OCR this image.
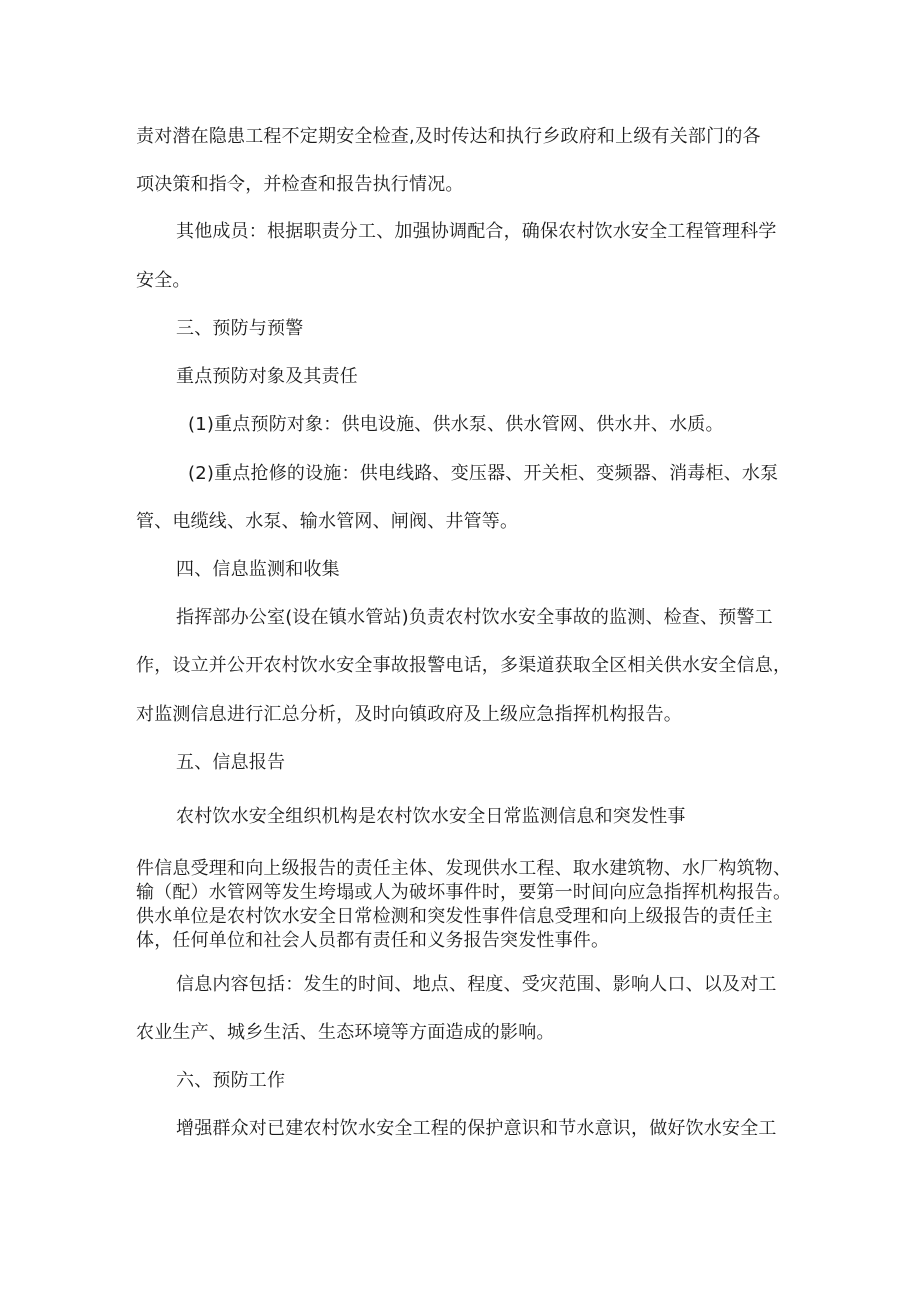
责对潜在隐患工程不定期安全检查,及时传达和执行乡政府和上级有关部门的各

项决策和指令，并检查和报告执行情况。

其他成员：根据职责分工、加强协调配合，确保农村饮水安全工程管理科学

安全。

三、预防与预警

重点预防对象及其责任

(1)重点预防对象：供电设施、供水泵、供水管网、供水井、水质。

(2)重点抢修的设施：供电线路、变压器、开关柜、变频器、消毒柜、水泵

管、电缆线、水泵、输水管网、闸阀、井管等。

四、信息监测和收集

指挥部办公室(设在镇水管站)负责农村饮水安全事故的监测、检查、预警工

作，设立并公开农村饮水安全事故报警电话，多渠道获取全区相关供水安全信息，

对监测信息进行汇总分析，及时向镇政府及上级应急指挥机构报告。

五、信息报告

农村饮水安全组织机构是农村饮水安全日常监测信息和突发性事

件信息受理和向上级报告的责任主体、发现供水工程、取水建筑物、水厂构筑物、

输（配）水管网等发生垮塌或人为破坏事件时，要第一时间向应急指挥机构报告。

供水单位是农村饮水安全日常检测和突发性事件信息受理和向上级报告的责任主

体，任何单位和社会人员都有责任和义务报告突发性事件。

信息内容包括：发生的时间、地点、程度、受灾范围、影响人口、以及对工

农业生产、城乡生活、生态环境等方面造成的影响。

六、预防工作

增强群众对已建农村饮水安全工程的保护意识和节水意识，做好饮水安全工
